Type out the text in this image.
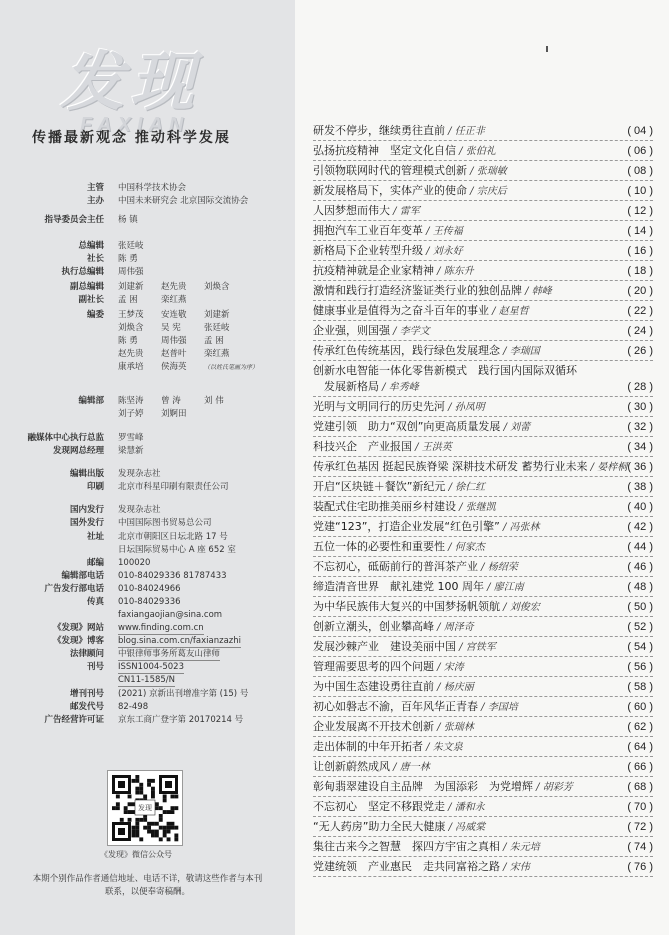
发现
FAXIAN
传播最新观念 推动科学发展
主管 中国科学技术协会
主办 中国未来研究会 北京国际交流协会
指导委员会主任 杨 镇
总编辑 张廷岐
社长 陈 勇
执行总编辑 周伟强
副总编辑 刘建新 赵先贵 刘焕含
副社长 孟 困	栾红燕
编委 王梦茂 安连敬 刘建新
刘焕含 吴 宪	张廷岐
陈 勇	周伟强 孟 困
赵先贵 赵普叶 栾红燕
康承培 侯海英	（以姓氏笔画为序）
编辑部 陈坚涛 曾 涛	刘 伟
刘子婷 刘婀田
融媒体中心执行总监 罗雪峰
发现网总经理 梁慧新
编辑出版 发现杂志社
印刷 北京市科星印刷有限责任公司
国内发行 发现杂志社
国外发行 中国国际图书贸易总公司
社址 北京市朝阳区日坛北路 17 号
日坛国际贸易中心 A 座 652 室
邮编 100020
编辑部电话 010-84029336 81787433
广告发行部电话 010-84024966
传真 010-84029336
faxiangaojian@sina.com
《发现》网站 www.finding.com.cn
《发现》博客 blog.sina.com.cn/faxianzazhi
法律顾问 中银律师事务所葛友山律师
刊号 ISSN1004-5023
CN11-1585/N
增刊刊号 (2021) 京新出刊增准字第 (15) 号
邮发代号 82-498
广告经营许可证 京东工商广登字第 20170214 号
发现
《发现》微信公众号
本期个别作品作者通信地址、电话不详，敬请这些作者与本刊联系，以便奉寄稿酬。
研发不停步，继续勇往直前 / 任正非	( 04 )
弘扬抗疫精神　坚定文化自信 / 张伯礼	( 06 )
引领物联网时代的管理模式创新 / 张瑞敏	( 08 )
新发展格局下，实体产业的使命 / 宗庆后	( 10 )
人因梦想而伟大 / 雷军	( 12 )
拥抱汽车工业百年变革 / 王传福	( 14 )
新格局下企业转型升级 / 刘永好	( 16 )
抗疫精神就是企业家精神 / 陈东升	( 18 )
激情和践行打造经济鉴证类行业的独创品牌 / 韩峰	( 20 )
健康事业是值得为之奋斗百年的事业 / 赵星哲	( 22 )
企业强，则国强 / 李学文	( 24 )
传承红色传统基因，践行绿色发展理念 / 李瑞国	( 26 )
创新水电智能一体化零售新模式　践行国内国际双循环
　发展新格局 / 牟秀峰	( 28 )
光明与文明同行的历史先河 / 孙凤明	( 30 )
党建引领　助力“双创”向更高质量发展 / 刘蕾	( 32 )
科技兴企　产业报国 / 王洪英	( 34 )
传承红色基因 挺起民族脊梁 深耕技术研发 蓄势行业未来 / 晏梓桐 ( 36 )
开启“区块链＋餐饮”新纪元 / 徐仁红	( 38 )
装配式住宅助推美丽乡村建设 / 张继凯	( 40 )
党建“123”，打造企业发展“红色引擎” / 冯张林	( 42 )
五位一体的必要性和重要性 / 何家杰	( 44 )
不忘初心，砥砺前行的普洱茶产业 / 杨绍荣	( 46 )
缔造清音世界　献礼建党 100 周年 / 廖江南	( 48 )
为中华民族伟大复兴的中国梦扬帆领航 / 刘俊宏	( 50 )
创新立潮头，创业攀高峰 / 周泽奇	( 52 )
发展沙棘产业　建设美丽中国 / 宫铁军	( 54 )
管理需要思考的四个问题 / 宋涛	( 56 )
为中国生态建设勇往直前 / 杨庆丽	( 58 )
初心如磐志不渝，百年风华正青春 / 李国培	( 60 )
企业发展离不开技术创新 / 张瑞林	( 62 )
走出体制的中年开拓者 / 朱文泉	( 64 )
让创新蔚然成风 / 唐一林	( 66 )
彰甸翡翠建设自主品牌　为国添彩　为党增辉 / 胡彩芳	( 68 )
不忘初心　坚定不移跟党走 / 潘和永	( 70 )
“无人药房”助力全民大健康 / 冯威棠	( 72 )
集往古来今之智慧　探四方宇宙之真相 / 朱元培	( 74 )
党建统领　产业惠民　走共同富裕之路 / 宋伟	( 76 )
